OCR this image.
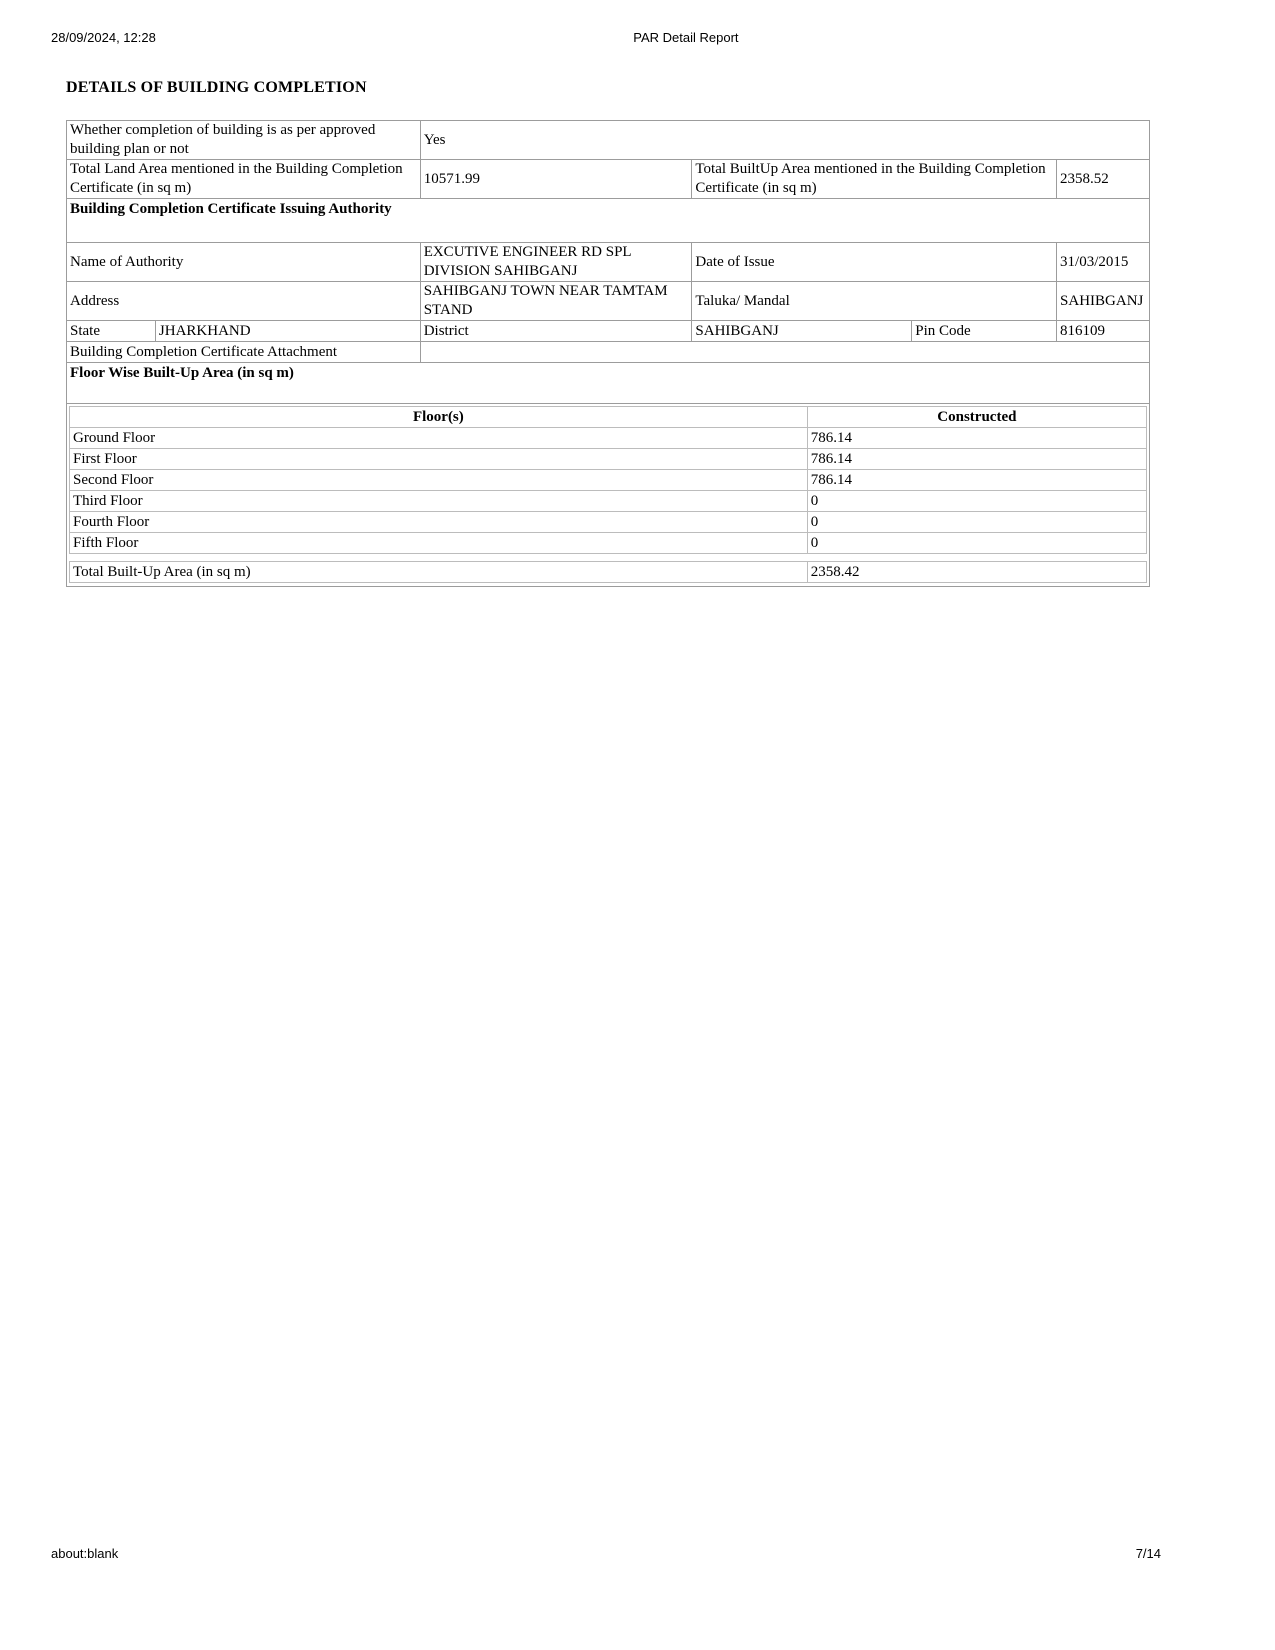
28/09/2024, 12:28	PAR Detail Report
DETAILS OF BUILDING COMPLETION
Whether completion of building is as per approved building plan or not		Yes			
Total Land Area mentioned in the Building Completion Certificate (in sq m)		10571.99	Total BuiltUp Area mentioned in the Building Completion Certificate (in sq m)		2358.52
Building Completion Certificate Issuing Authority					
Name of Authority		EXCUTIVE ENGINEER RD SPL DIVISION SAHIBGANJ	Date of Issue		31/03/2015
Address		SAHIBGANJ TOWN NEAR TAMTAM STAND	Taluka/ Mandal		SAHIBGANJ
State	JHARKHAND	District	SAHIBGANJ	Pin Code	816109
Building Completion Certificate Attachment					
Floor Wise Built-Up Area (in sq m)					
Floor(s)	Constructed
Ground Floor	786.14
First Floor	786.14
Second Floor	786.14
Third Floor	0
Fourth Floor	0
Fifth Floor	0
Total Built-Up Area (in sq m)	2358.42
about:blank	7/14
